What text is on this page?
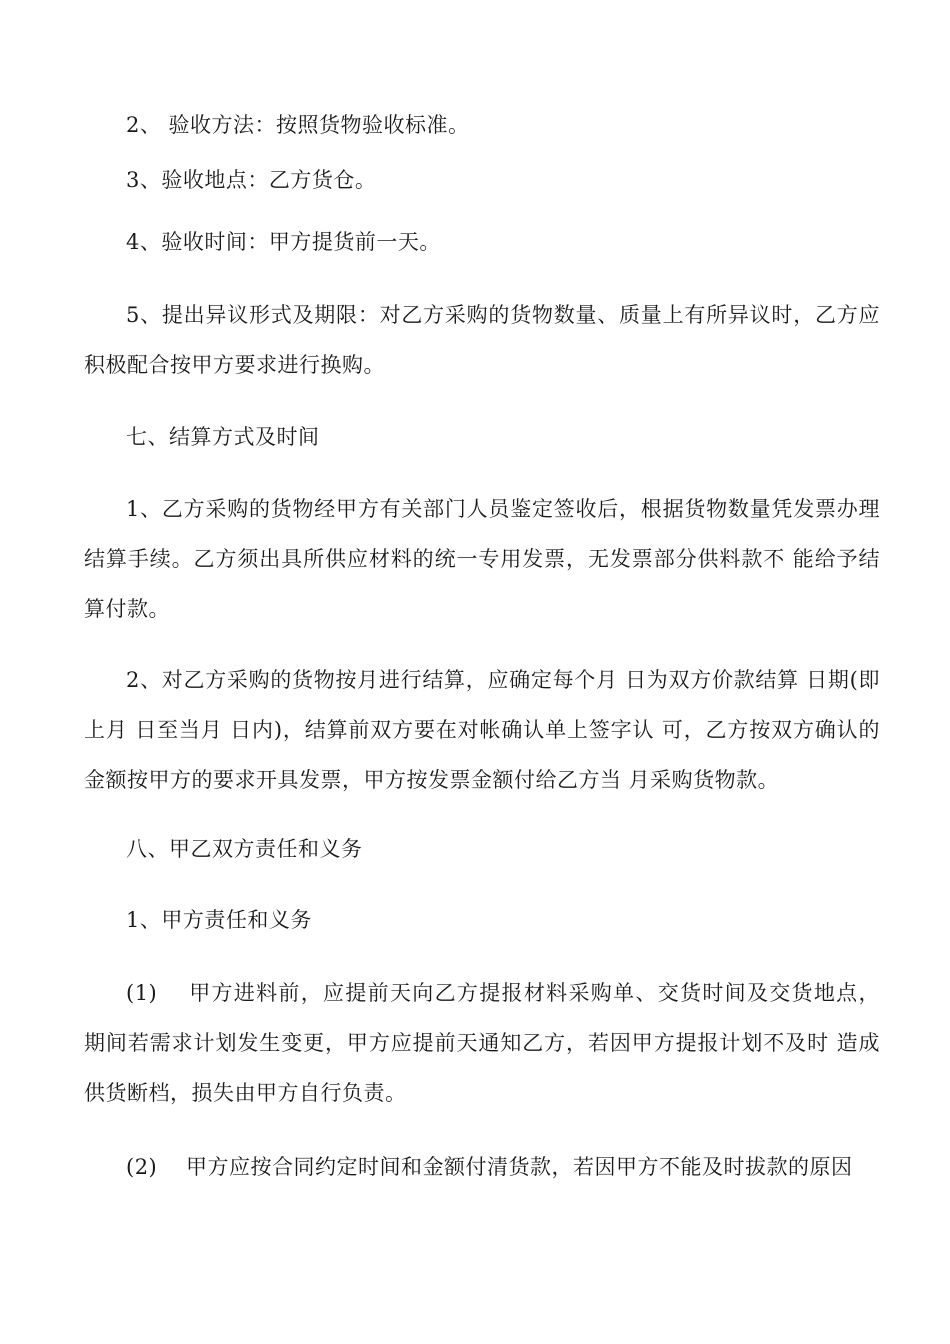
2、 验收方法：按照货物验收标准。

3、验收地点：乙方货仓。

4、验收时间：甲方提货前一天。

5、提出异议形式及期限：对乙方采购的货物数量、质量上有所异议时，乙方应积极配合按甲方要求进行换购。

七、结算方式及时间

1、乙方采购的货物经甲方有关部门人员鉴定签收后，根据货物数量凭发票办理结算手续。乙方须出具所供应材料的统一专用发票，无发票部分供料款不 能给予结算付款。

2、对乙方采购的货物按月进行结算，应确定每个月 日为双方价款结算 日期(即上月 日至当月 日内)，结算前双方要在对帐确认单上签字认 可，乙方按双方确认的金额按甲方的要求开具发票，甲方按发票金额付给乙方当 月采购货物款。

八、甲乙双方责任和义务

1、甲方责任和义务

(1)    甲方进料前，应提前天向乙方提报材料采购单、交货时间及交货地点，  期间若需求计划发生变更，甲方应提前天通知乙方，若因甲方提报计划不及时 造成供货断档，损失由甲方自行负责。

(2)    甲方应按合同约定时间和金额付清货款，若因甲方不能及时拔款的原因
